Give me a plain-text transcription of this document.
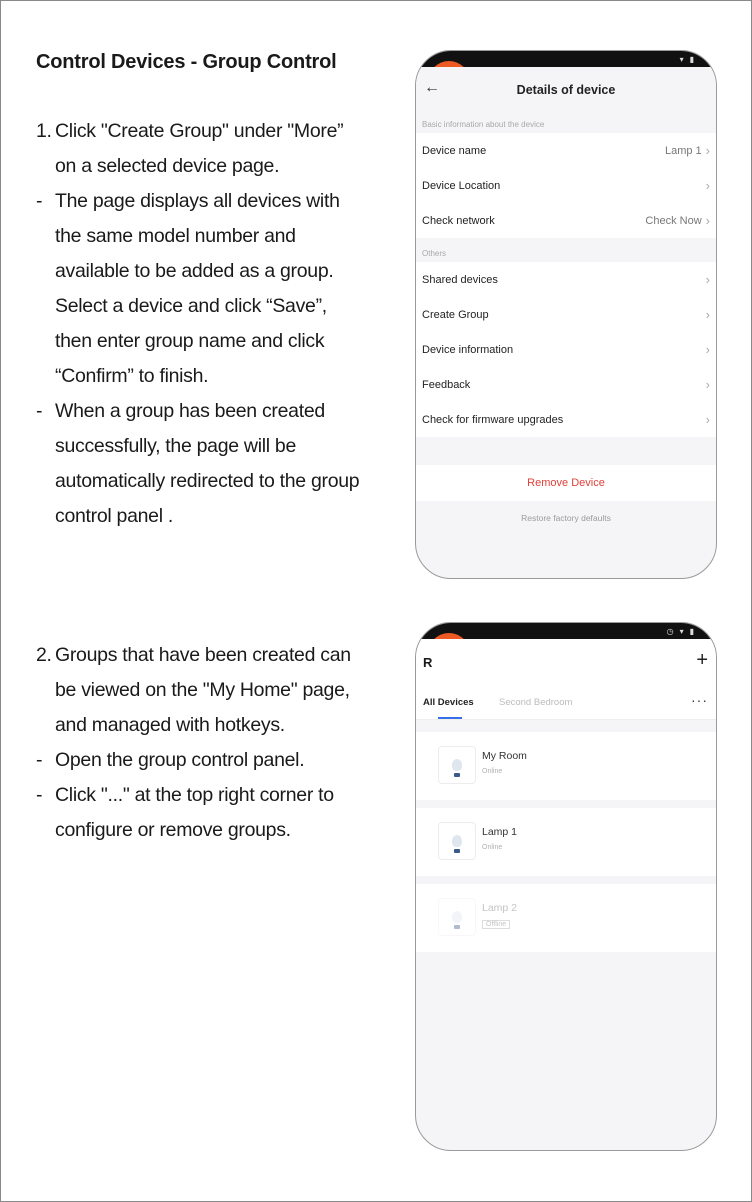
Control Devices - Group Control
1. Click "Create Group" under "More”
on a selected device page.
- The page displays all devices with
the same model number and
available to be added as a group.
Select a device and click “Save”,
then enter group name and click
“Confirm” to finish.
- When a group has been created
successfully, the page will be
automatically redirected to the group
control panel .
2. Groups that have been created can
be viewed on the "My Home" page,
and managed with hotkeys.
- Open the group control panel.
- Click "..." at the top right corner to
configure or remove groups.
▾ ▮
←	Details of device
Basic information about the device
Device name	Lamp 1 ›
Device Location	›
Check network	Check Now ›
Others
Shared devices	›
Create Group	›
Device information	›
Feedback	›
Check for firmware upgrades	›
Remove Device
Restore factory defaults
◷ ▾ ▮
R	+
All Devices	Second Bedroom	···
My Room
Online
Lamp 1
Online
Lamp 2
Offline
